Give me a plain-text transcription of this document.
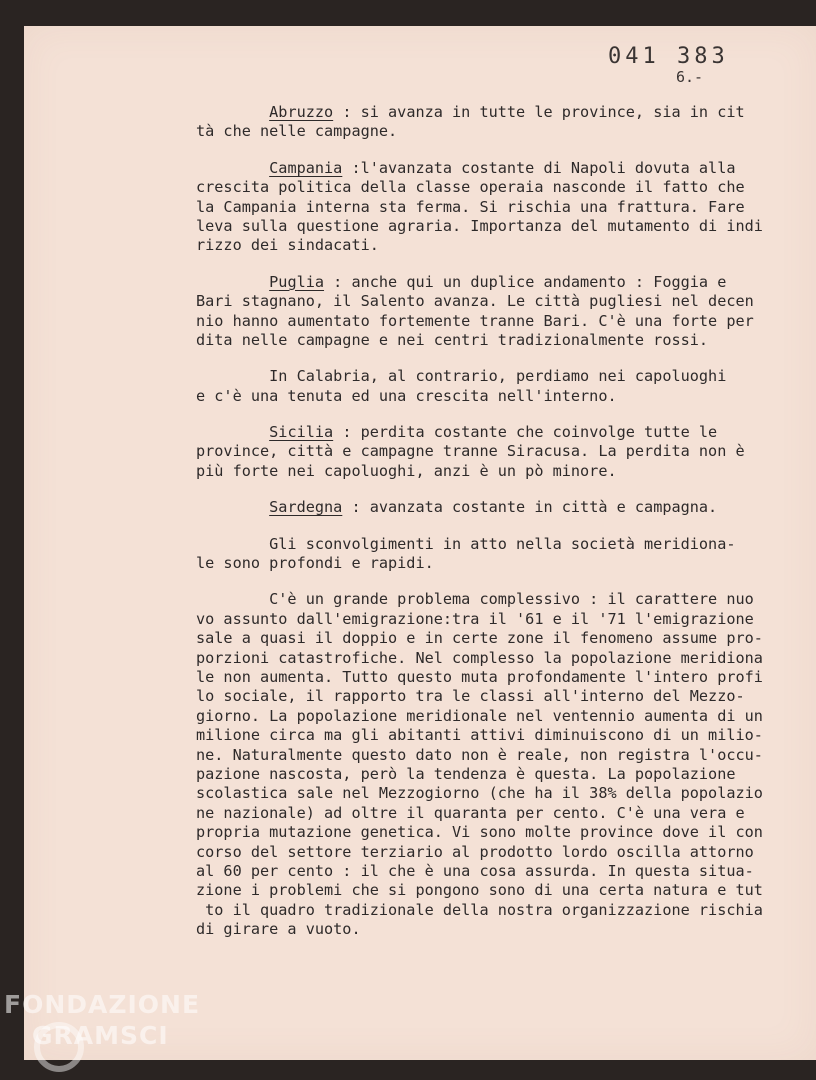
041 383
6.-
Abruzzo : si avanza in tutte le province, sia in cit
tà che nelle campagne.
Campania :l'avanzata costante di Napoli dovuta alla
crescita politica della classe operaia nasconde il fatto che
la Campania interna sta ferma. Si rischia una frattura. Fare
leva sulla questione agraria. Importanza del mutamento di indi
rizzo dei sindacati.
Puglia : anche qui un duplice andamento : Foggia e
Bari stagnano, il Salento avanza. Le città pugliesi nel decen
nio hanno aumentato fortemente tranne Bari. C'è una forte per
dita nelle campagne e nei centri tradizionalmente rossi.
In Calabria, al contrario, perdiamo nei capoluoghi
e c'è una tenuta ed una crescita nell'interno.
Sicilia : perdita costante che coinvolge tutte le
province, città e campagne tranne Siracusa. La perdita non è
più forte nei capoluoghi, anzi è un pò minore.
Sardegna : avanzata costante in città e campagna.
Gli sconvolgimenti in atto nella società meridiona-
le sono profondi e rapidi.
C'è un grande problema complessivo : il carattere nuo
vo assunto dall'emigrazione:tra il '61 e il '71 l'emigrazione
sale a quasi il doppio e in certe zone il fenomeno assume pro-
porzioni catastrofiche. Nel complesso la popolazione meridiona
le non aumenta. Tutto questo muta profondamente l'intero profi
lo sociale, il rapporto tra le classi all'interno del Mezzo-
giorno. La popolazione meridionale nel ventennio aumenta di un
milione circa ma gli abitanti attivi diminuiscono di un milio-
ne. Naturalmente questo dato non è reale, non registra l'occu-
pazione nascosta, però la tendenza è questa. La popolazione
scolastica sale nel Mezzogiorno (che ha il 38% della popolazio
ne nazionale) ad oltre il quaranta per cento. C'è una vera e
propria mutazione genetica. Vi sono molte province dove il con
corso del settore terziario al prodotto lordo oscilla attorno
al 60 per cento : il che è una cosa assurda. In questa situa-
zione i problemi che si pongono sono di una certa natura e tut
to il quadro tradizionale della nostra organizzazione rischia
di girare a vuoto.
FONDAZIONE
GRAMSCI
